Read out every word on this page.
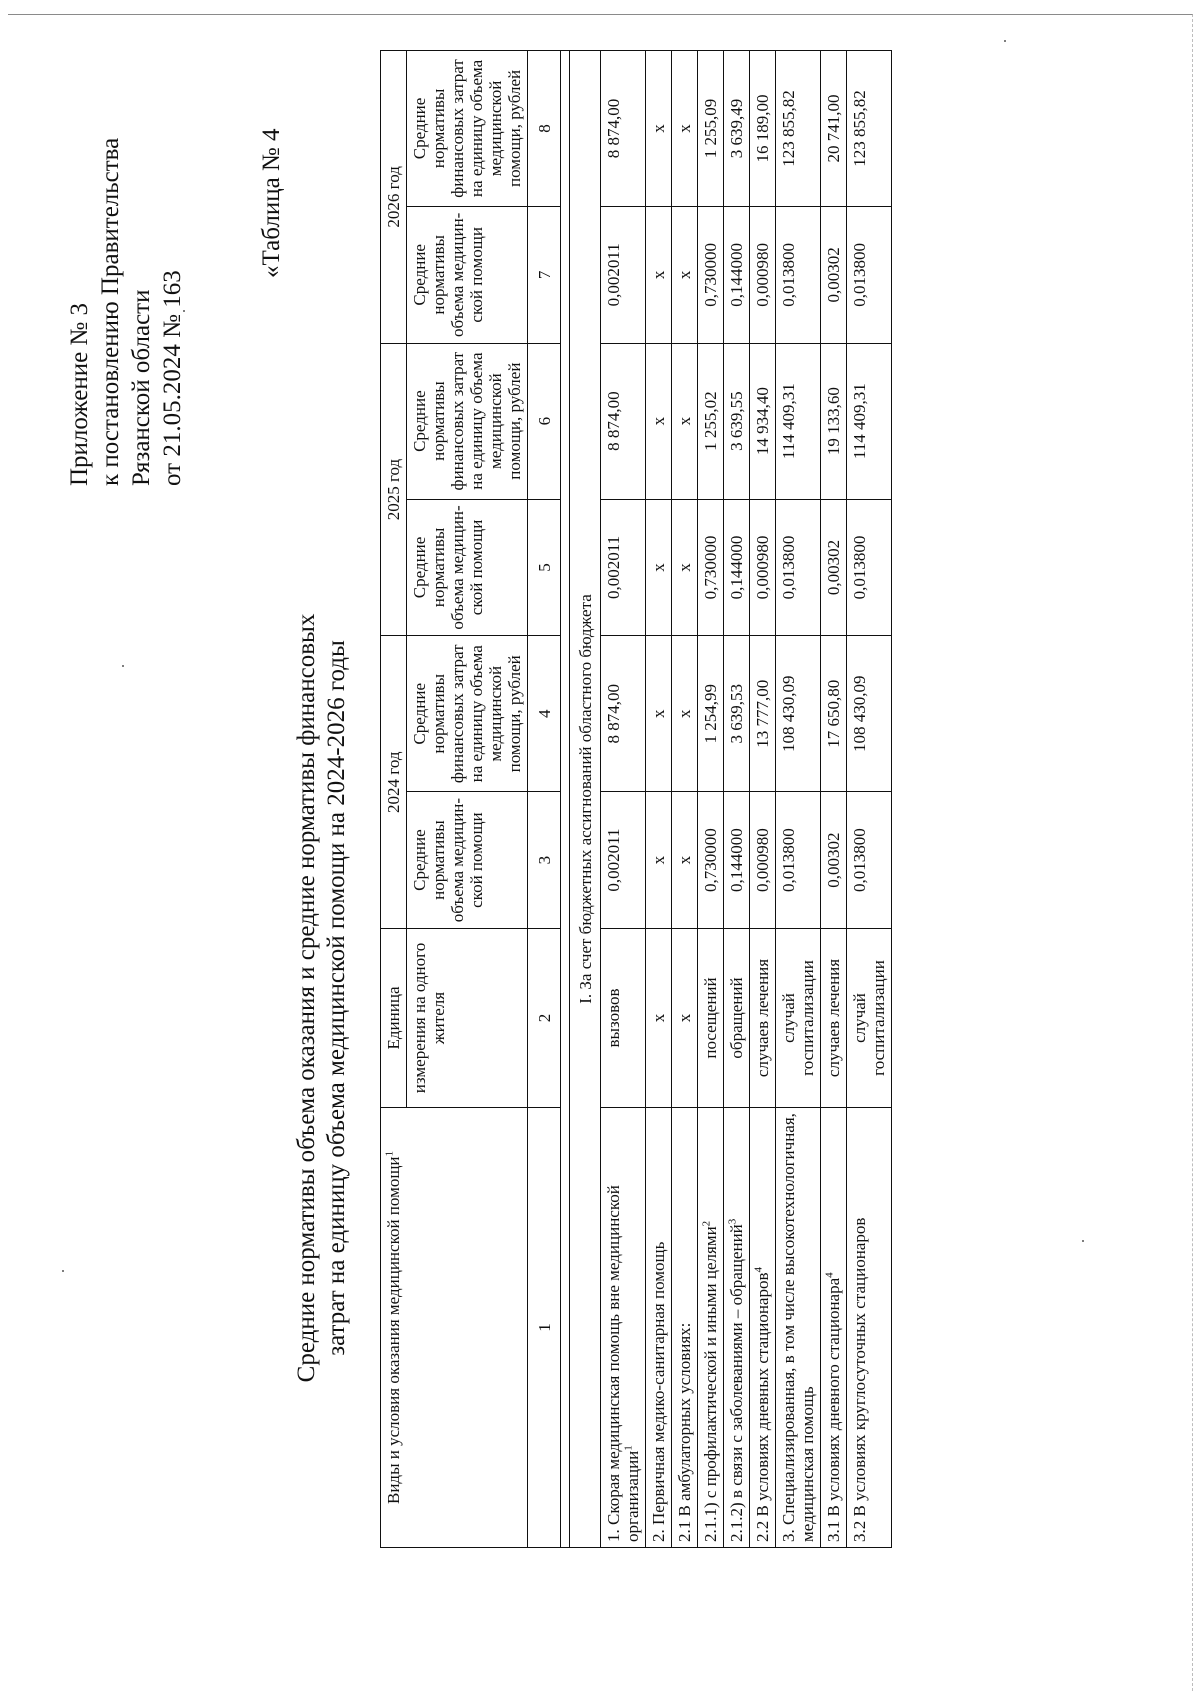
Приложение № 3 к постановлению Правительства Рязанской области от 21.05.2024 № 163
«Таблица № 4
Средние нормативы объема оказания и средние нормативы финансовых затрат на единицу объема медицинской помощи на 2024-2026 годы Виды и условия оказания медицинской помощи$^1$	Единица	2024 год		2025 год		2026 год	
	измерения на одного жителя	Средние нормативы объема медицин-ской помощи	Средние нормативы финансовых затрат на единицу объема медицинской помощи, рублей	Средние нормативы объема медицин-ской помощи	Средние нормативы финансовых затрат на единицу объема медицинской помощи, рублей	Средние нормативы объема медицин-ской помощи	Средние нормативы финансовых затрат на единицу объема медицинской помощи, рублей
1	2	3	4	5	6	7	8

I. За счет бюджетных ассигнований областного бюджета							
1. Скорая медицинская помощь вне медицинской организации$^1$	вызовов	0,002011	8 874,00	0,002011	8 874,00	0,002011	8 874,00
2. Первичная медико-санитарная помощь	x	x	x	x	x	x	x
2.1 В амбулаторных условиях:	x	x	x	x	x	x	x
2.1.1) с профилактической и иными целями$^2$	посещений	0,730000	1 254,99	0,730000	1 255,02	0,730000	1 255,09
2.1.2) в связи с заболеваниями – обращений$^3$	обращений	0,144000	3 639,53	0,144000	3 639,55	0,144000	3 639,49
2.2 В условиях дневных стационаров$^4$	случаев лечения	0,000980	13 777,00	0,000980	14 934,40	0,000980	16 189,00
3. Специализированная, в том числе высокотехнологичная, медицинская помощь	случай госпитализации	0,013800	108 430,09	0,013800	114 409,31	0,013800	123 855,82
3.1 В условиях дневного стационара$^4$	случаев лечения	0,00302	17 650,80	0,00302	19 133,60	0,00302	20 741,00
3.2 В условиях круглосуточных стационаров	случай госпитализации	0,013800	108 430,09	0,013800	114 409,31	0,013800	123 855,82
